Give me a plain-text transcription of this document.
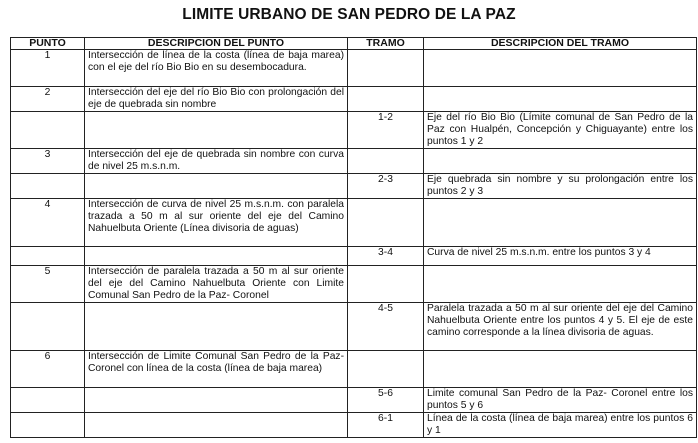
LIMITE URBANO DE SAN PEDRO DE LA PAZ
PUNTO	DESCRIPCION DEL PUNTO	TRAMO	DESCRIPCION DEL TRAMO
1	Intersección de línea de la costa (línea de baja marea) con el eje del río Bio Bio en su desembocadura.		
2	Intersección del eje del río Bio Bio con prolongación del eje de quebrada sin nombre		
		1-2	Eje del río Bio Bio (Límite comunal de San Pedro de la Paz con Hualpén, Concepción y Chiguayante) entre los puntos 1 y 2
3	Intersección del eje de quebrada sin nombre con curva de nivel 25 m.s.n.m.		
		2-3	Eje quebrada sin nombre y su prolongación entre los puntos 2 y 3
4	Intersección de curva de nivel 25 m.s.n.m. con paralela trazada a 50 m al sur oriente del eje del Camino Nahuelbuta Oriente (Línea divisoria de aguas)		
		3-4	Curva de nivel 25 m.s.n.m. entre los puntos 3 y 4
5	Intersección de paralela trazada a 50 m al sur oriente del eje del Camino Nahuelbuta Oriente con Limite Comunal San Pedro de la Paz- Coronel		
		4-5	Paralela trazada a 50 m al sur oriente del eje del Camino Nahuelbuta Oriente entre los puntos 4 y 5. El eje de este camino corresponde a la línea divisoria de aguas.
6	Intersección de Limite Comunal San Pedro de la Paz- Coronel con línea de la costa (línea de baja marea)		
		5-6	Limite comunal San Pedro de la Paz- Coronel entre los puntos 5 y 6
		6-1	Línea de la costa (línea de baja marea) entre los puntos 6 y 1
